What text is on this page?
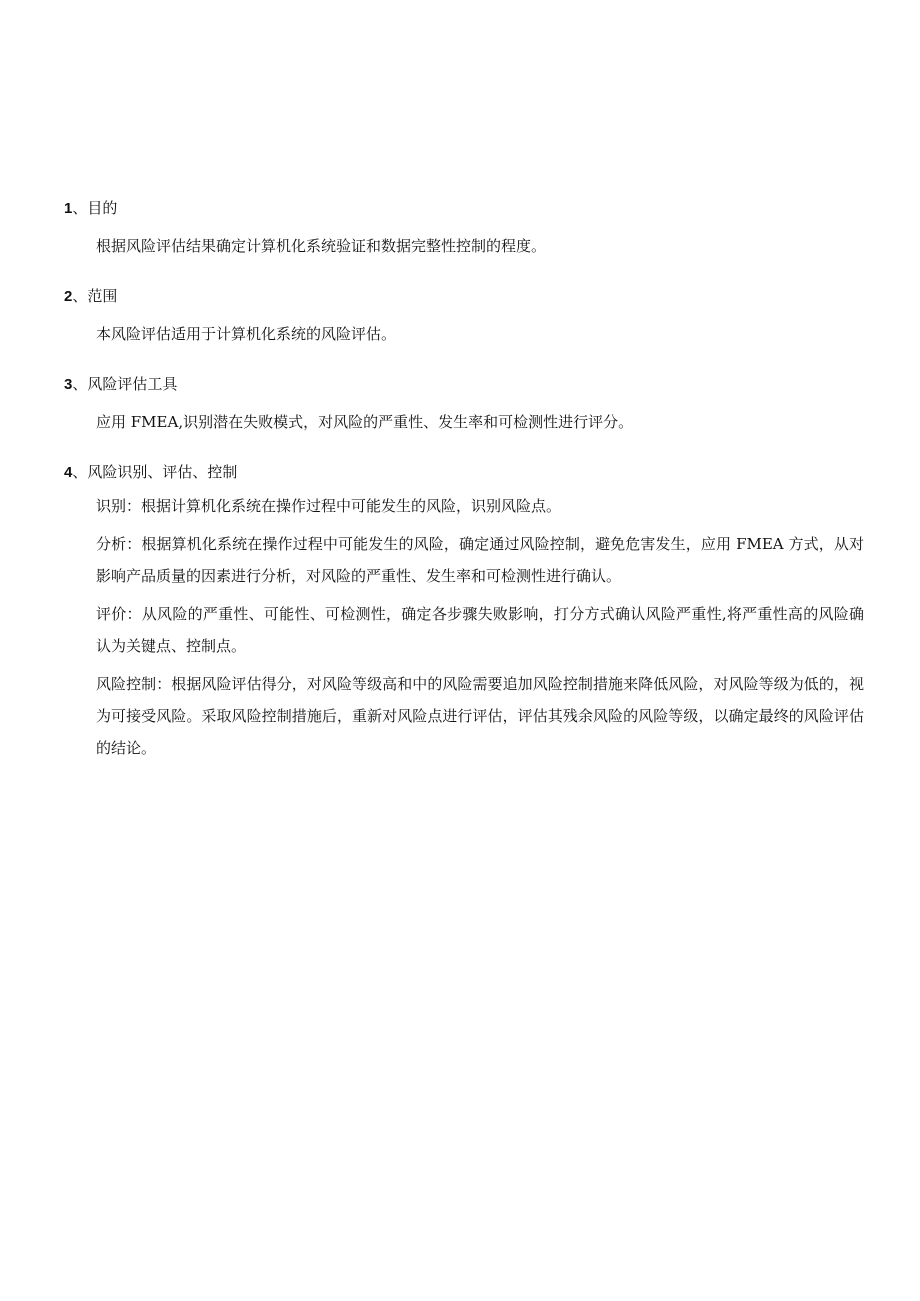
1、目的
根据风险评估结果确定计算机化系统验证和数据完整性控制的程度。
2、范围
本风险评估适用于计算机化系统的风险评估。
3、风险评估工具
应用 FMEA,识别潜在失败模式，对风险的严重性、发生率和可检测性进行评分。
4、风险识别、评估、控制
识别：根据计算机化系统在操作过程中可能发生的风险，识别风险点。
分析：根据算机化系统在操作过程中可能发生的风险，确定通过风险控制，避免危害发生，应用 FMEA 方式，从对影响产品质量的因素进行分析，对风险的严重性、发生率和可检测性进行确认。
评价：从风险的严重性、可能性、可检测性，确定各步骤失败影响，打分方式确认风险严重性,将严重性高的风险确认为关键点、控制点。
风险控制：根据风险评估得分，对风险等级高和中的风险需要追加风险控制措施来降低风险，对风险等级为低的，视为可接受风险。采取风险控制措施后，重新对风险点进行评估，评估其残余风险的风险等级，以确定最终的风险评估的结论。
